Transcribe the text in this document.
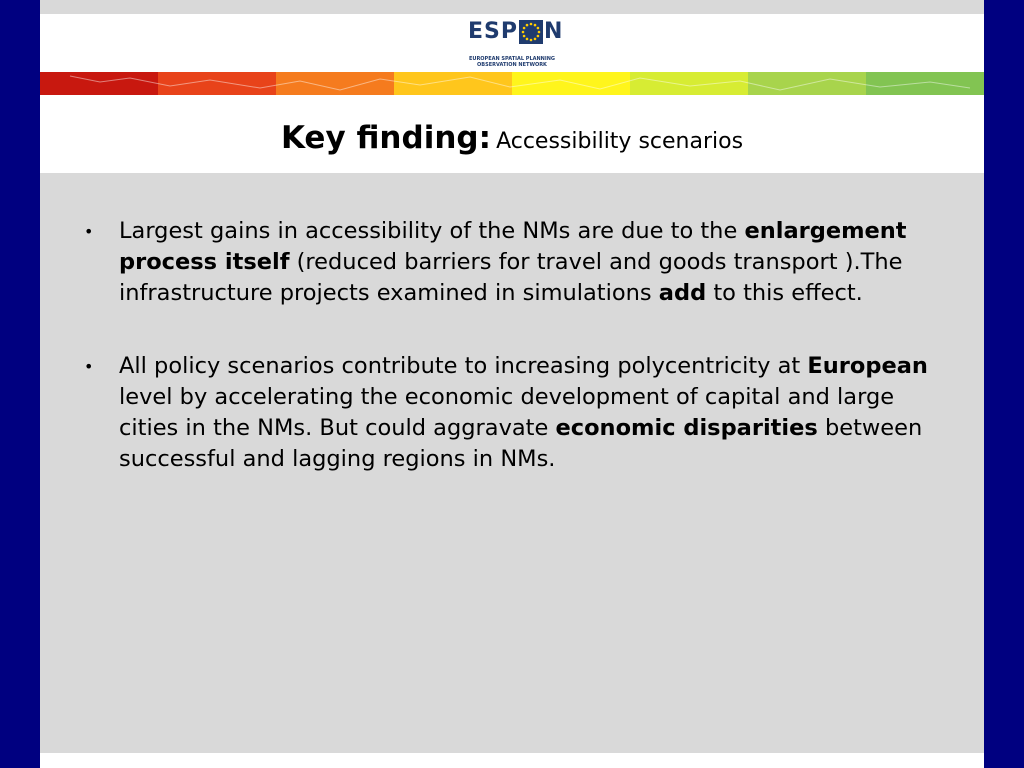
ESP N
EUROPEAN SPATIAL PLANNING
OBSERVATION NETWORK
Key finding: Accessibility scenarios
• Largest gains in accessibility of the NMs are due to the enlargement process itself (reduced barriers for travel and goods transport ).The infrastructure projects examined in simulations add to this effect.
• All policy scenarios contribute to increasing polycentricity at European level by accelerating the economic development of capital and large cities in the NMs. But could aggravate economic disparities between successful and lagging regions in NMs.
